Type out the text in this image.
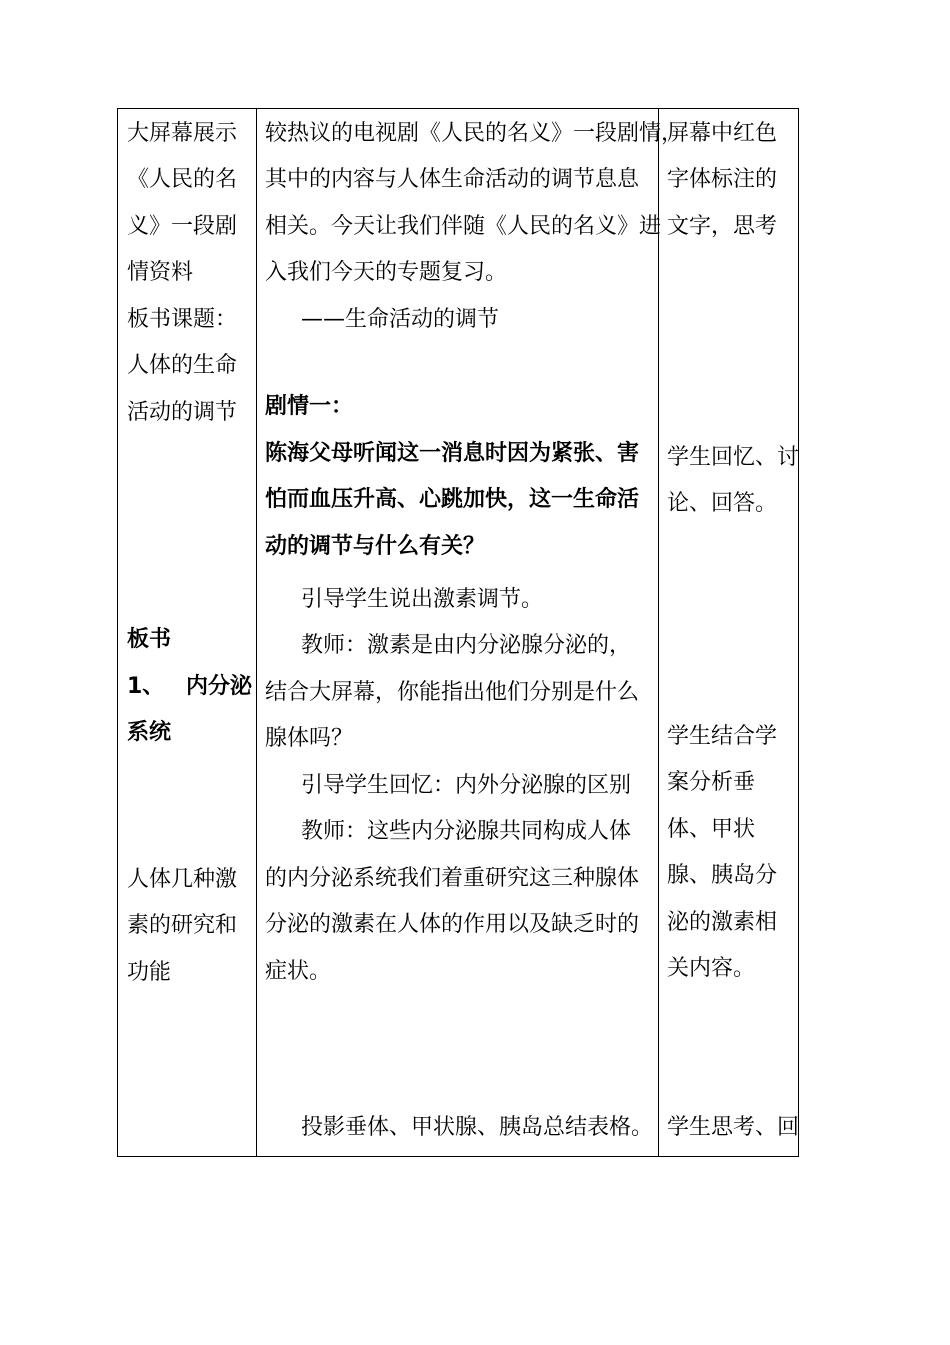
大屏幕展示
《人民的名
义》一段剧
情资料
板书课题：
人体的生命
活动的调节
板书
1、 内分泌
系统
人体几种激
素的研究和
功能
较热议的电视剧《人民的名义》一段剧情，
其中的内容与人体生命活动的调节息息
相关。今天让我们伴随《人民的名义》进
入我们今天的专题复习。
——生命活动的调节
剧情一：
陈海父母听闻这一消息时因为紧张、害
怕而血压升高、心跳加快，这一生命活
动的调节与什么有关？
引导学生说出激素调节。
教师：激素是由内分泌腺分泌的，
结合大屏幕，你能指出他们分别是什么
腺体吗？
引导学生回忆：内外分泌腺的区别
教师：这些内分泌腺共同构成人体
的内分泌系统我们着重研究这三种腺体
分泌的激素在人体的作用以及缺乏时的
症状。
投影垂体、甲状腺、胰岛总结表格。
屏幕中红色
字体标注的
文字，思考
学生回忆、讨
论、回答。
学生结合学
案分析垂
体、甲状
腺、胰岛分
泌的激素相
关内容。
学生思考、回
